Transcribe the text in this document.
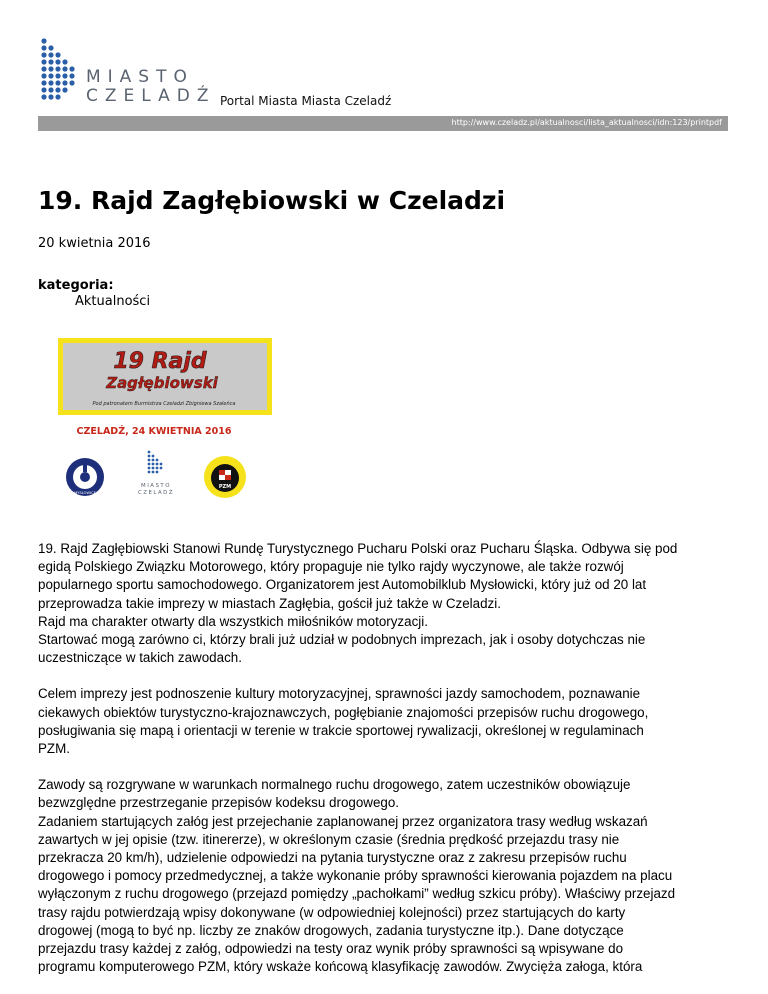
MIASTO
CZELADŹ Portal Miasta Miasta Czeladź
http://www.czeladz.pl/aktualnosci/lista_aktualnosci/idn:123/printpdf
19. Rajd Zagłębiowski w Czeladzi
20 kwietnia 2016
kategoria:
Aktualności
19 Rajd
Zagłębiowski
Pod patronatem Burmistrza Czeladzi Zbigniewa Szaleńca
CZELADŹ, 24 KWIETNIA 2016
MYSŁOWICE
MIASTO
CZELADŹ
PZM

19. Rajd Zagłębiowski Stanowi Rundę Turystycznego Pucharu Polski oraz Pucharu Śląska. Odbywa się pod
egidą Polskiego Związku Motorowego, który propaguje nie tylko rajdy wyczynowe, ale także rozwój
popularnego sportu samochodowego. Organizatorem jest Automobilklub Mysłowicki, który już od 20 lat
przeprowadza takie imprezy w miastach Zagłębia, gościł już także w Czeladzi.
Rajd ma charakter otwarty dla wszystkich miłośników motoryzacji.
Startować mogą zarówno ci, którzy brali już udział w podobnych imprezach, jak i osoby dotychczas nie
uczestniczące w takich zawodach.

Celem imprezy jest podnoszenie kultury motoryzacyjnej, sprawności jazdy samochodem, poznawanie
ciekawych obiektów turystyczno-krajoznawczych, pogłębianie znajomości przepisów ruchu drogowego,
posługiwania się mapą i orientacji w terenie w trakcie sportowej rywalizacji, określonej w regulaminach
PZM.

Zawody są rozgrywane w warunkach normalnego ruchu drogowego, zatem uczestników obowiązuje
bezwzględne przestrzeganie przepisów kodeksu drogowego.
Zadaniem startujących załóg jest przejechanie zaplanowanej przez organizatora trasy według wskazań
zawartych w jej opisie (tzw. itinererze), w określonym czasie (średnia prędkość przejazdu trasy nie
przekracza 20 km/h), udzielenie odpowiedzi na pytania turystyczne oraz z zakresu przepisów ruchu
drogowego i pomocy przedmedycznej, a także wykonanie próby sprawności kierowania pojazdem na placu
wyłączonym z ruchu drogowego (przejazd pomiędzy „pachołkami” według szkicu próby). Właściwy przejazd
trasy rajdu potwierdzają wpisy dokonywane (w odpowiedniej kolejności) przez startujących do karty
drogowej (mogą to być np. liczby ze znaków drogowych, zadania turystyczne itp.). Dane dotyczące
przejazdu trasy każdej z załóg, odpowiedzi na testy oraz wynik próby sprawności są wpisywane do
programu komputerowego PZM, który wskaże końcową klasyfikację zawodów. Zwycięża załoga, która
